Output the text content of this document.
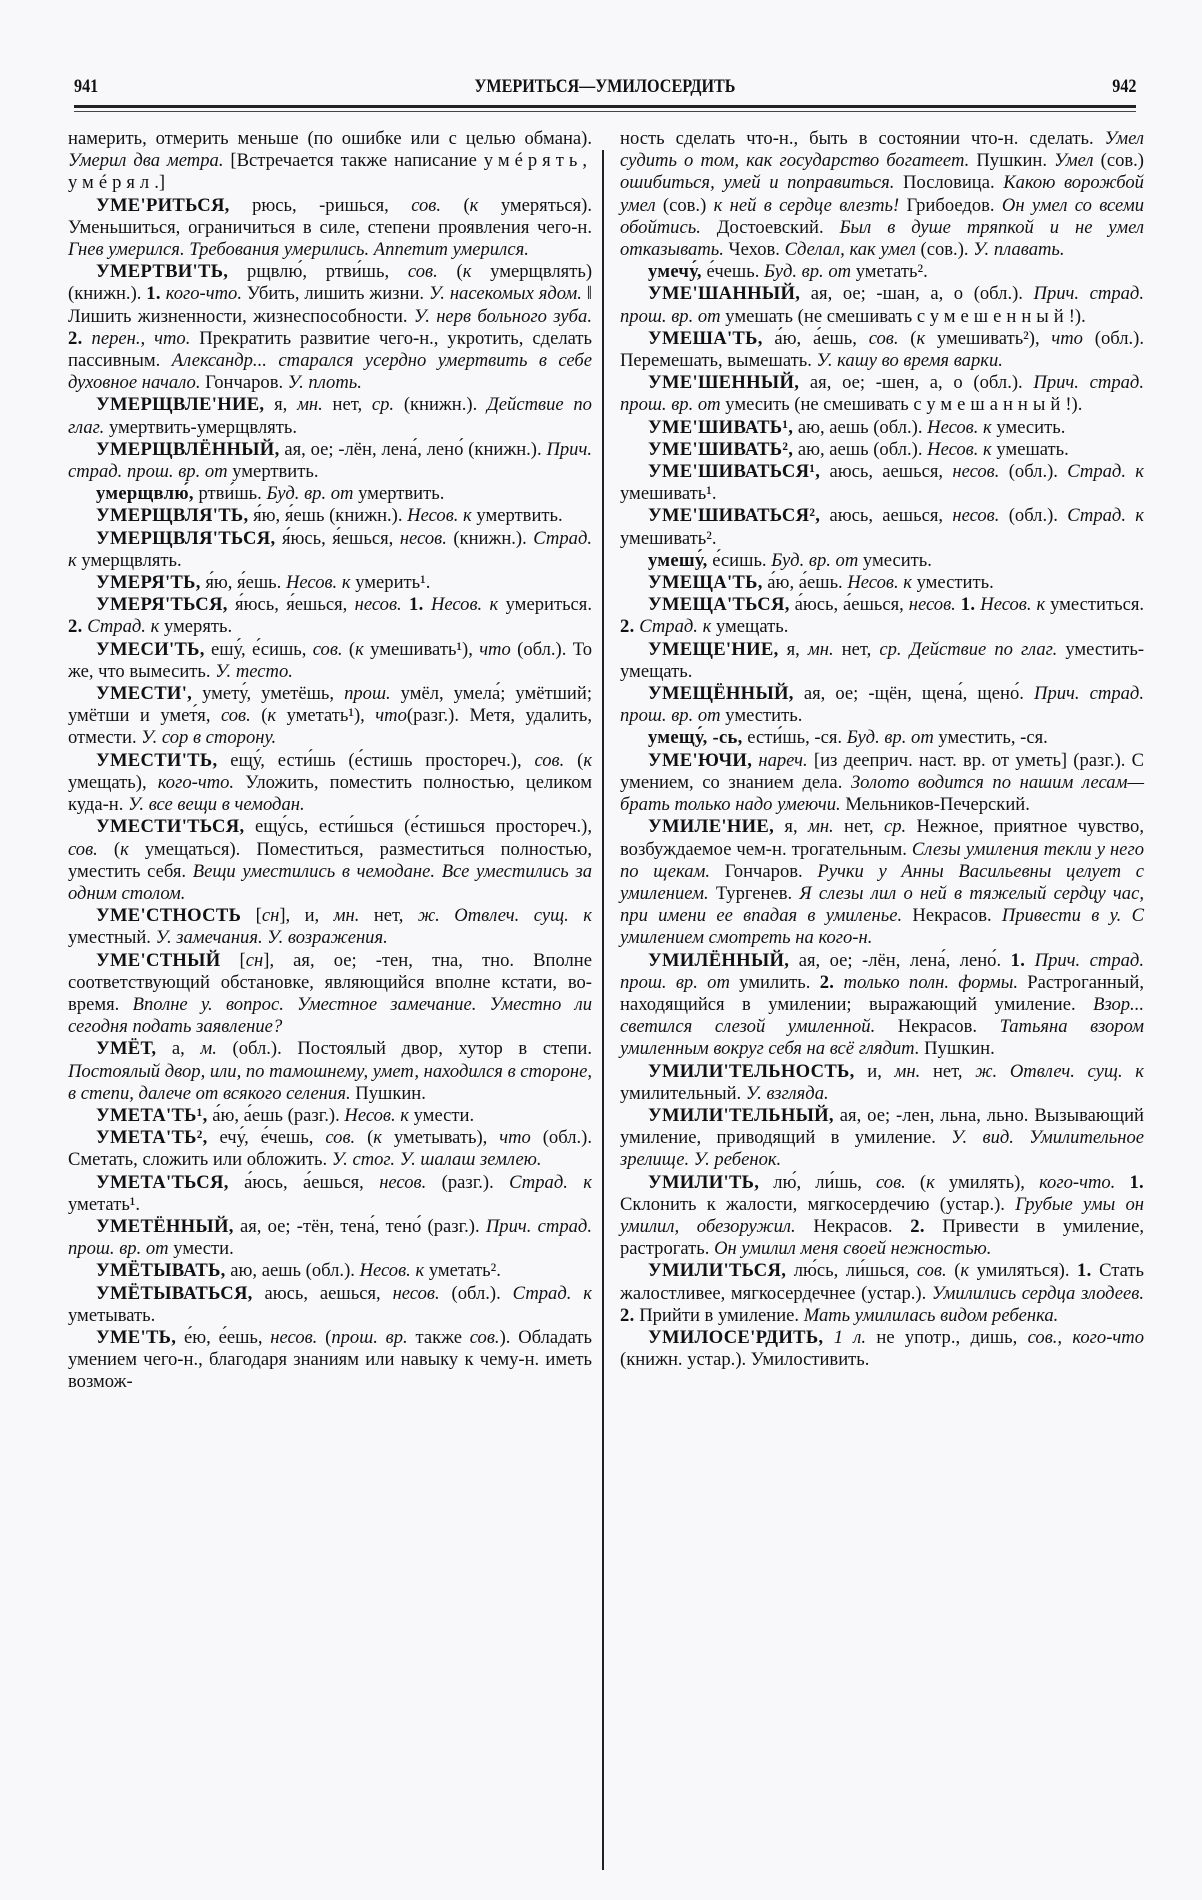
941	УМЕРИТЬСЯ—УМИЛОСЕРДИТЬ	942

намерить, отмерить меньше (по ошибке или с целью обмана). Умерил два метра. [Встречается также написание умéрять, умéрял.]

УМЕ'РИТЬСЯ, рюсь, -ришься, сов. (к умеряться). Уменьшиться, ограничиться в силе, степени проявления чего-н. Гнев умерился. Требования умерились. Аппетит умерился.

УМЕРТВИ'ТЬ, рщвлю́, ртви́шь, сов. (к умерщвлять) (книжн.). 1. кого-что. Убить, лишить жизни. У. насекомых ядом. ‖ Лишить жизненности, жизнеспособности. У. нерв больного зуба. 2. перен., что. Прекратить развитие чего-н., укротить, сделать пассивным. Александр... старался усердно умертвить в себе духовное начало. Гончаров. У. плоть.

УМЕРЩВЛЕ'НИЕ, я, мн. нет, ср. (книжн.). Действие по глаг. умертвить-умерщвлять.

УМЕРЩВЛЁННЫЙ, ая, ое; -лён, лена́, лено́ (книжн.). Прич. страд. прош. вр. от умертвить.

умерщвлю́, ртви́шь. Буд. вр. от умертвить.

УМЕРЩВЛЯ'ТЬ, я́ю, я́ешь (книжн.). Несов. к умертвить.

УМЕРЩВЛЯ'ТЬСЯ, я́юсь, я́ешься, несов. (книжн.). Страд. к умерщвлять.

УМЕРЯ'ТЬ, я́ю, я́ешь. Несов. к умерить¹.

УМЕРЯ'ТЬСЯ, я́юсь, я́ешься, несов. 1. Несов. к умериться. 2. Страд. к умерять.

УМЕСИ'ТЬ, ешу́, е́сишь, сов. (к умешивать¹), что (обл.). То же, что вымесить. У. тесто.

УМЕСТИ', умету́, уметёшь, прош. умёл, умела́; умётший; умётши и умет́я, сов. (к уметать¹), что(разг.). Метя, удалить, отмести. У. сор в сторону.

УМЕСТИ'ТЬ, ещу́, ести́шь (е́стишь простореч.), сов. (к умещать), кого-что. Уложить, поместить полностью, целиком куда-н. У. все вещи в чемодан.

УМЕСТИ'ТЬСЯ, ещу́сь, ести́шься (е́стишься простореч.), сов. (к умещаться). Поместиться, разместиться полностью, уместить себя. Вещи уместились в чемодане. Все уместились за одним столом.

УМЕ'СТНОСТЬ [сн], и, мн. нет, ж. Отвлеч. сущ. к уместный. У. замечания. У. возражения.

УМЕ'СТНЫЙ [сн], ая, ое; -тен, тна, тно. Вполне соответствующий обстановке, являющийся вполне кстати, во-время. Вполне у. вопрос. Уместное замечание. Уместно ли сегодня подать заявление?

УМЁТ, а, м. (обл.). Постоялый двор, хутор в степи. Постоялый двор, или, по тамошнему, умет, находился в стороне, в степи, далече от всякого селения. Пушкин.

УМЕТА'ТЬ¹, а́ю, а́ешь (разг.). Несов. к умести.

УМЕТА'ТЬ², ечу́, е́чешь, сов. (к уметывать), что (обл.). Сметать, сложить или обложить. У. стог. У. шалаш землею.

УМЕТА'ТЬСЯ, а́юсь, а́ешься, несов. (разг.). Страд. к уметать¹.

УМЕТЁННЫЙ, ая, ое; -тён, тена́, тено́ (разг.). Прич. страд. прош. вр. от умести.

УМЁТЫВАТЬ, аю, аешь (обл.). Несов. к уметать².

УМЁТЫВАТЬСЯ, аюсь, аешься, несов. (обл.). Страд. к уметывать.

УМЕ'ТЬ, е́ю, е́ешь, несов. (прош. вр. также сов.). Обладать умением чего-н., благодаря знаниям или навыку к чему-н. иметь возмож-

ность сделать что-н., быть в состоянии что-н. сделать. Умел судить о том, как государство богатеет. Пушкин. Умел (сов.) ошибиться, умей и поправиться. Пословица. Какою ворожбой умел (сов.) к ней в сердце влезть! Грибоедов. Он умел со всеми обойтись. Достоевский. Был в душе тряпкой и не умел отказывать. Чехов. Сделал, как умел (сов.). У. плавать.

умечу́, е́чешь. Буд. вр. от уметать².

УМЕ'ШАННЫЙ, ая, ое; -шан, а, о (обл.). Прич. страд. прош. вр. от умешать (не смешивать с умешенный!).

УМЕША'ТЬ, а́ю, а́ешь, сов. (к умешивать²), что (обл.). Перемешать, вымешать. У. кашу во время варки.

УМЕ'ШЕННЫЙ, ая, ое; -шен, а, о (обл.). Прич. страд. прош. вр. от умесить (не смешивать с умешанный!).

УМЕ'ШИВАТЬ¹, аю, аешь (обл.). Несов. к умесить.

УМЕ'ШИВАТЬ², аю, аешь (обл.). Несов. к умешать.

УМЕ'ШИВАТЬСЯ¹, аюсь, аешься, несов. (обл.). Страд. к умешивать¹.

УМЕ'ШИВАТЬСЯ², аюсь, аешься, несов. (обл.). Страд. к умешивать².

умешу́, е́сишь. Буд. вр. от умесить.

УМЕЩА'ТЬ, а́ю, а́ешь. Несов. к уместить.

УМЕЩА'ТЬСЯ, а́юсь, а́ешься, несов. 1. Несов. к уместиться. 2. Страд. к умещать.

УМЕЩЕ'НИЕ, я, мн. нет, ср. Действие по глаг. уместить-умещать.

УМЕЩЁННЫЙ, ая, ое; -щён, щена́, щено́. Прич. страд. прош. вр. от уместить.

умещу́, -сь, ести́шь, -ся. Буд. вр. от уместить, -ся.

УМЕ'ЮЧИ, нареч. [из дееприч. наст. вр. от уметь] (разг.). С умением, со знанием дела. Золото водится по нашим лесам—брать только надо умеючи. Мельников-Печерский.

УМИЛЕ'НИЕ, я, мн. нет, ср. Нежное, приятное чувство, возбуждаемое чем-н. трогательным. Слезы умиления текли у него по щекам. Гончаров. Ручки у Анны Васильевны целует с умилением. Тургенев. Я слезы лил о ней в тяжелый сердцу час, при имени ее впадая в умиленье. Некрасов. Привести в у. С умилением смотреть на кого-н.

УМИЛЁННЫЙ, ая, ое; -лён, лена́, лено́. 1. Прич. страд. прош. вр. от умилить. 2. только полн. формы. Растроганный, находящийся в умилении; выражающий умиление. Взор... светился слезой умиленной. Некрасов. Татьяна взором умиленным вокруг себя на всё глядит. Пушкин.

УМИЛИ'ТЕЛЬНОСТЬ, и, мн. нет, ж. Отвлеч. сущ. к умилительный. У. взгляда.

УМИЛИ'ТЕЛЬНЫЙ, ая, ое; -лен, льна, льно. Вызывающий умиление, приводящий в умиление. У. вид. Умилительное зрелище. У. ребенок.

УМИЛИ'ТЬ, лю́, ли́шь, сов. (к умилять), кого-что. 1. Склонить к жалости, мягкосердечию (устар.). Грубые умы он умилил, обезоружил. Некрасов. 2. Привести в умиление, растрогать. Он умилил меня своей нежностью.

УМИЛИ'ТЬСЯ, лю́сь, ли́шься, сов. (к умиляться). 1. Стать жалостливее, мягкосердечнее (устар.). Умилились сердца злодеев. 2. Прийти в умиление. Мать умилилась видом ребенка.

УМИЛОСЕ'РДИТЬ, 1 л. не употр., дишь, сов., кого-что (книжн. устар.). Умилостивить.
